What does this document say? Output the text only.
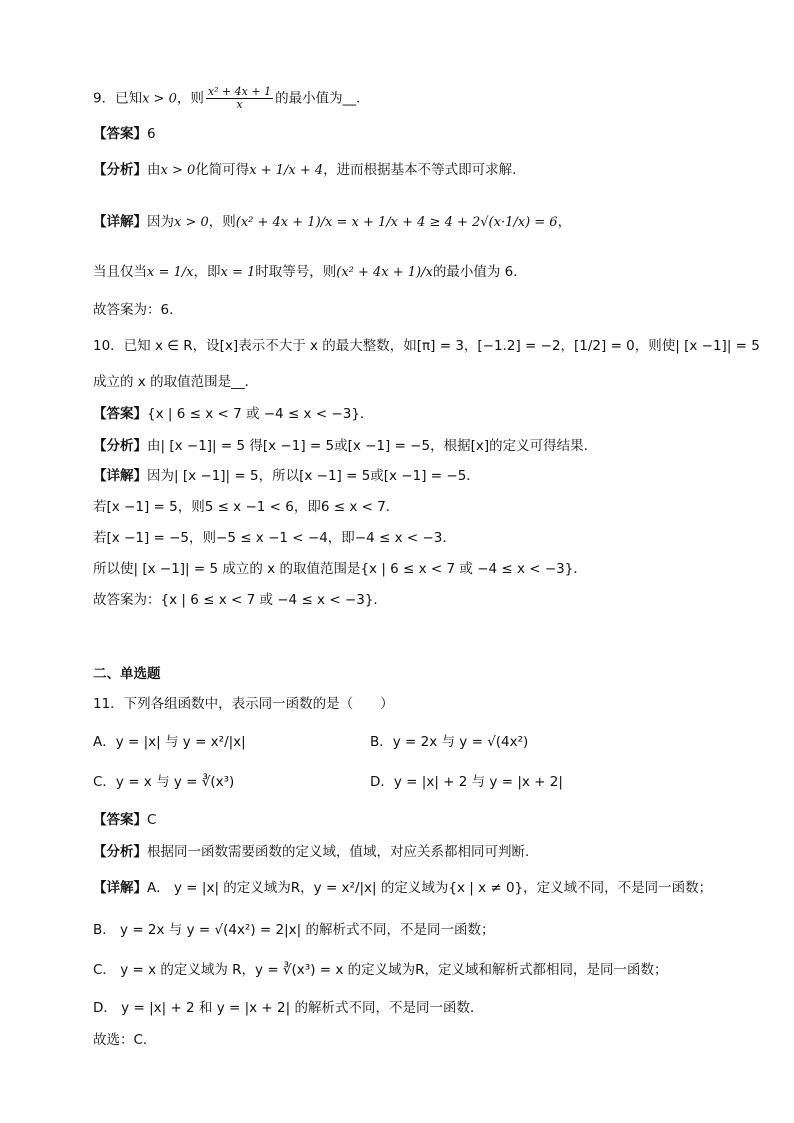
9．已知x > 0，则 $\frac{\text{x² + 4x + 1}}{x}$ 的最小值为__．
【答案】6
【分析】由x > 0化简可得x + 1/x + 4，进而根据基本不等式即可求解.
【详解】因为x > 0，则(x² + 4x + 1)/x = x + 1/x + 4 ≥ 4 + 2√(x·1/x) = 6，
当且仅当x = 1/x，即x = 1时取等号，则(x² + 4x + 1)/x的最小值为 6．
故答案为：6.
10．已知 x ∈ R，设[x]表示不大于 x 的最大整数，如[π] = 3，[−1.2] = −2，[1/2] = 0，则使| [x −1]| = 5
成立的 x 的取值范围是__．
【答案】{x | 6 ≤ x < 7 或 −4 ≤ x < −3}．
【分析】由| [x −1]| = 5 得[x −1] = 5或[x −1] = −5，根据[x]的定义可得结果.
【详解】因为| [x −1]| = 5，所以[x −1] = 5或[x −1] = −5．
若[x −1] = 5，则5 ≤ x −1 < 6，即6 ≤ x < 7．
若[x −1] = −5，则−5 ≤ x −1 < −4，即−4 ≤ x < −3．
所以使| [x −1]| = 5 成立的 x 的取值范围是{x | 6 ≤ x < 7 或 −4 ≤ x < −3}．
故答案为：{x | 6 ≤ x < 7 或 −4 ≤ x < −3}．
二、单选题
11．下列各组函数中，表示同一函数的是（　　）
A．y = |x| 与 y = x²/|x|	B．y = 2x 与 y = √(4x²)
C．y = x 与 y = ∛(x³)	D．y = |x| + 2 与 y = |x + 2|
【答案】C
【分析】根据同一函数需要函数的定义域，值域，对应关系都相同可判断.
【详解】A． y = |x| 的定义域为R，y = x²/|x| 的定义域为{x | x ≠ 0}，定义域不同，不是同一函数；
B． y = 2x 与 y = √(4x²) = 2|x| 的解析式不同，不是同一函数；
C． y = x 的定义域为 R，y = ∛(x³) = x 的定义域为R，定义域和解析式都相同，是同一函数；
D． y = |x| + 2 和 y = |x + 2| 的解析式不同，不是同一函数．
故选：C．
